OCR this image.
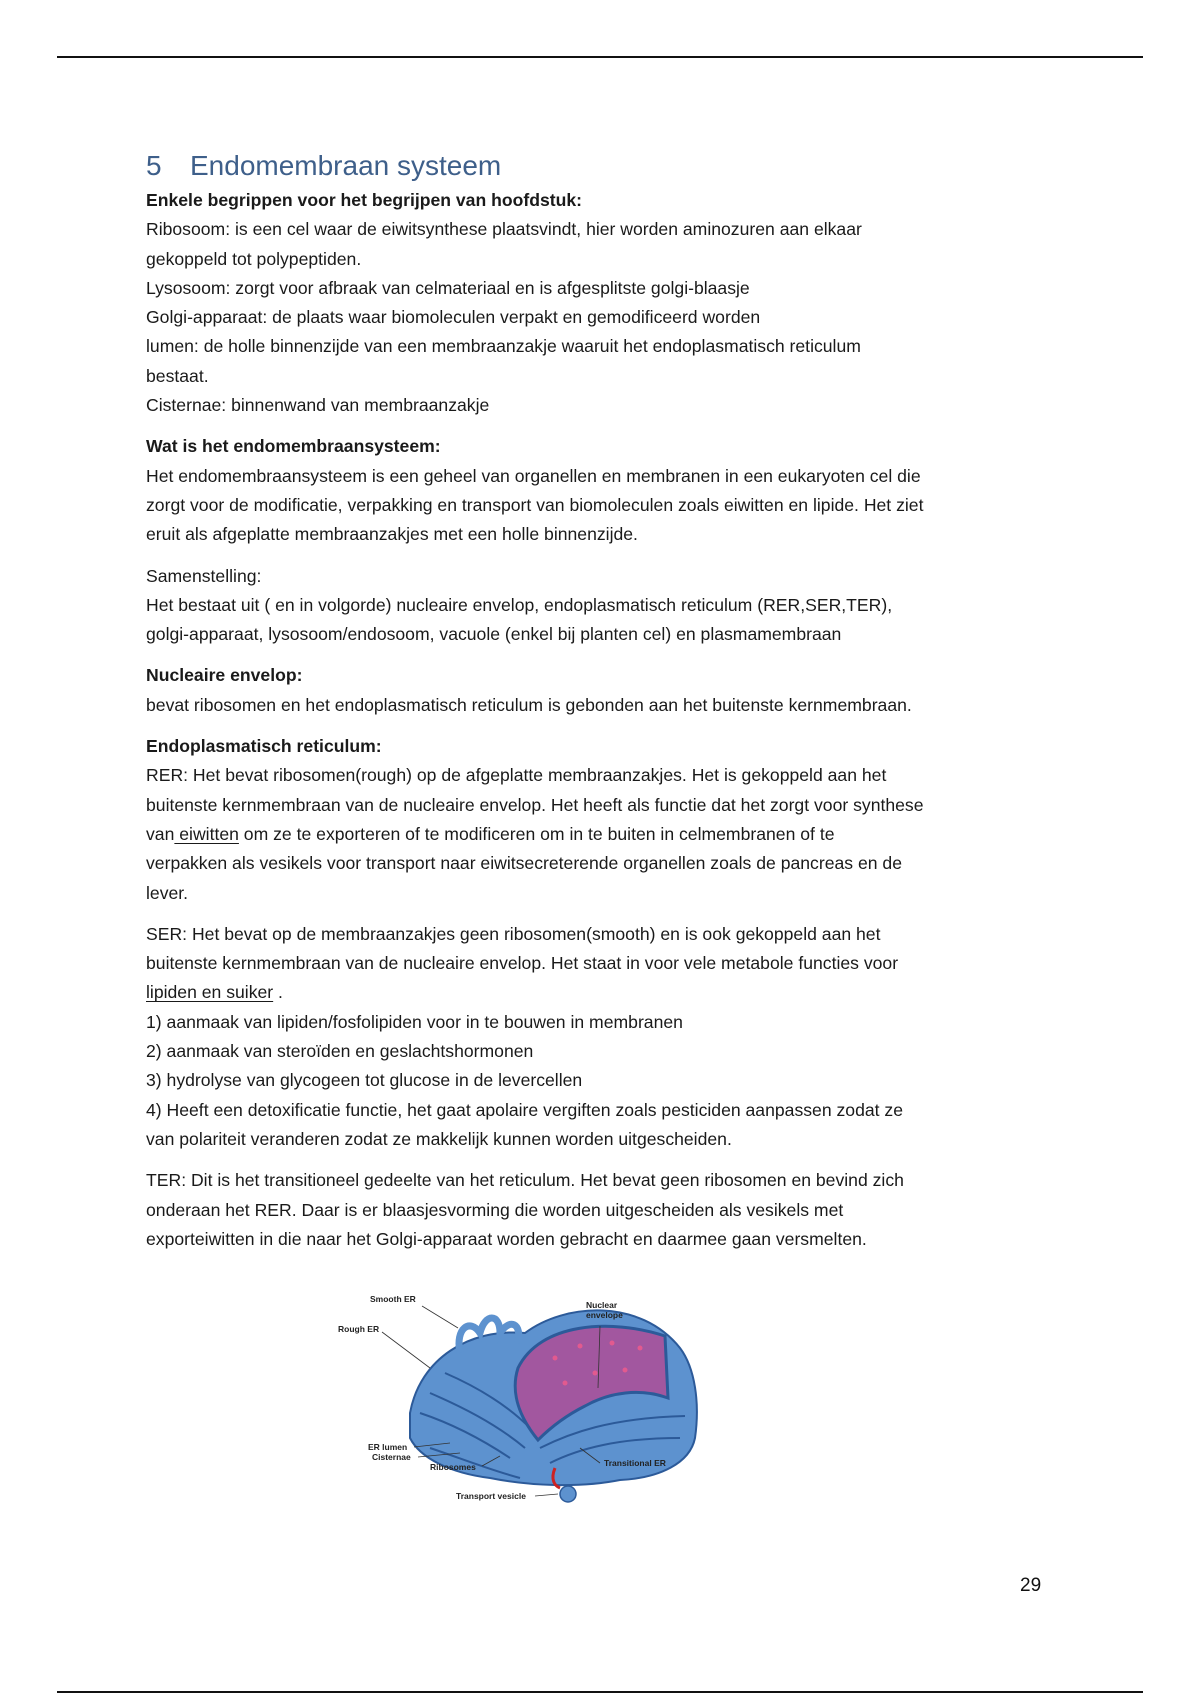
5 Endomembraan systeem

Enkele begrippen voor het begrijpen van hoofdstuk:

Ribosoom: is een cel waar de eiwitsynthese plaatsvindt, hier worden aminozuren aan elkaar

gekoppeld tot polypeptiden.

Lysosoom: zorgt voor afbraak van celmateriaal en is afgesplitste golgi-blaasje

Golgi-apparaat: de plaats waar biomoleculen verpakt en gemodificeerd worden

lumen: de holle binnenzijde van een membraanzakje waaruit het endoplasmatisch reticulum

bestaat.

Cisternae: binnenwand van membraanzakje

Wat is het endomembraansysteem:

Het endomembraansysteem is een geheel van organellen en membranen in een eukaryoten cel die

zorgt voor de modificatie, verpakking en transport van biomoleculen zoals eiwitten en lipide. Het ziet

eruit als afgeplatte membraanzakjes met een holle binnenzijde.

Samenstelling:

Het bestaat uit ( en in volgorde) nucleaire envelop, endoplasmatisch reticulum (RER,SER,TER),

golgi-apparaat, lysosoom/endosoom, vacuole (enkel bij planten cel) en plasmamembraan

Nucleaire envelop:

bevat ribosomen en het endoplasmatisch reticulum is gebonden aan het buitenste kernmembraan.

Endoplasmatisch reticulum:

RER: Het bevat ribosomen(rough) op de afgeplatte membraanzakjes. Het is gekoppeld aan het

buitenste kernmembraan van de nucleaire envelop. Het heeft als functie dat het zorgt voor synthese

van eiwitten om ze te exporteren of te modificeren om in te buiten in celmembranen of te

verpakken als vesikels voor transport naar eiwitsecreterende organellen zoals de pancreas en de

lever.

SER: Het bevat op de membraanzakjes geen ribosomen(smooth) en is ook gekoppeld aan het

buitenste kernmembraan van de nucleaire envelop. Het staat in voor vele metabole functies voor

lipiden en suiker .

1) aanmaak van lipiden/fosfolipiden voor in te bouwen in membranen

2) aanmaak van steroïden en geslachtshormonen

3) hydrolyse van glycogeen tot glucose in de levercellen

4) Heeft een detoxificatie functie, het gaat apolaire vergiften zoals pesticiden aanpassen zodat ze

van polariteit veranderen zodat ze makkelijk kunnen worden uitgescheiden.

TER: Dit is het transitioneel gedeelte van het reticulum. Het bevat geen ribosomen en bevind zich

onderaan het RER. Daar is er blaasjesvorming die worden uitgescheiden als vesikels met

exporteiwitten in die naar het Golgi-apparaat worden gebracht en daarmee gaan versmelten.

Smooth ER
Rough ER
Nuclear
envelope
ER lumen
Cisternae
Ribosomes	Transitional ER
Transport vesicle
29
